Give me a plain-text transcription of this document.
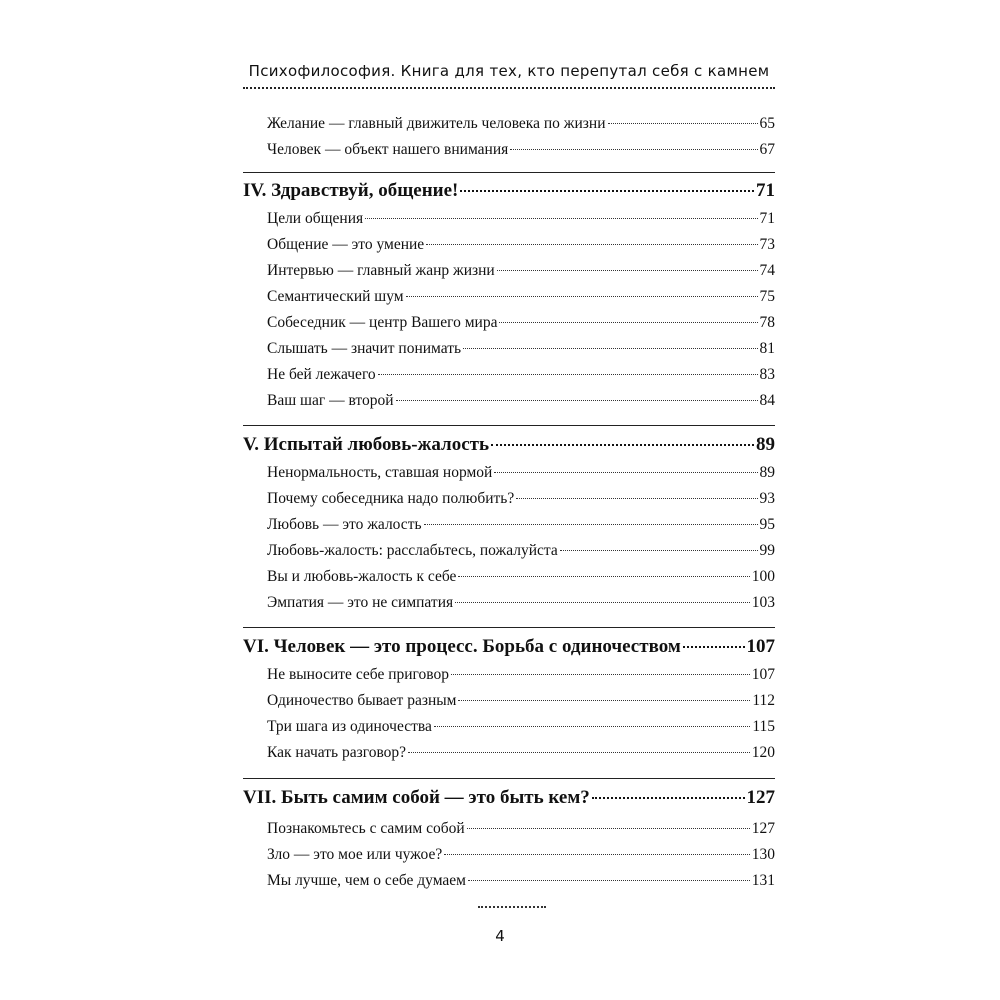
Психофилософия. Книга для тех, кто перепутал себя с камнем
Желание — главный движитель человека по жизни	65
Человек — объект нашего внимания	67
IV. Здравствуй, общение!	71
Цели общения	71
Общение — это умение	73
Интервью — главный жанр жизни	74
Семантический шум	75
Собеседник — центр Вашего мира	78
Слышать — значит понимать	81
Не бей лежачего	83
Ваш шаг — второй	84
V. Испытай любовь-жалость	89
Ненормальность, ставшая нормой	89
Почему собеседника надо полюбить?	93
Любовь — это жалость	95
Любовь-жалость: расслабьтесь, пожалуйста	99
Вы и любовь-жалость к себе	100
Эмпатия — это не симпатия	103
VI. Человек — это процесс. Борьба с одиночеством	107
Не выносите себе приговор	107
Одиночество бывает разным	112
Три шага из одиночества	115
Как начать разговор?	120
VII. Быть самим собой — это быть кем?	127
Познакомьтесь с самим собой	127
Зло — это мое или чужое?	130
Мы лучше, чем о себе думаем	131
4
